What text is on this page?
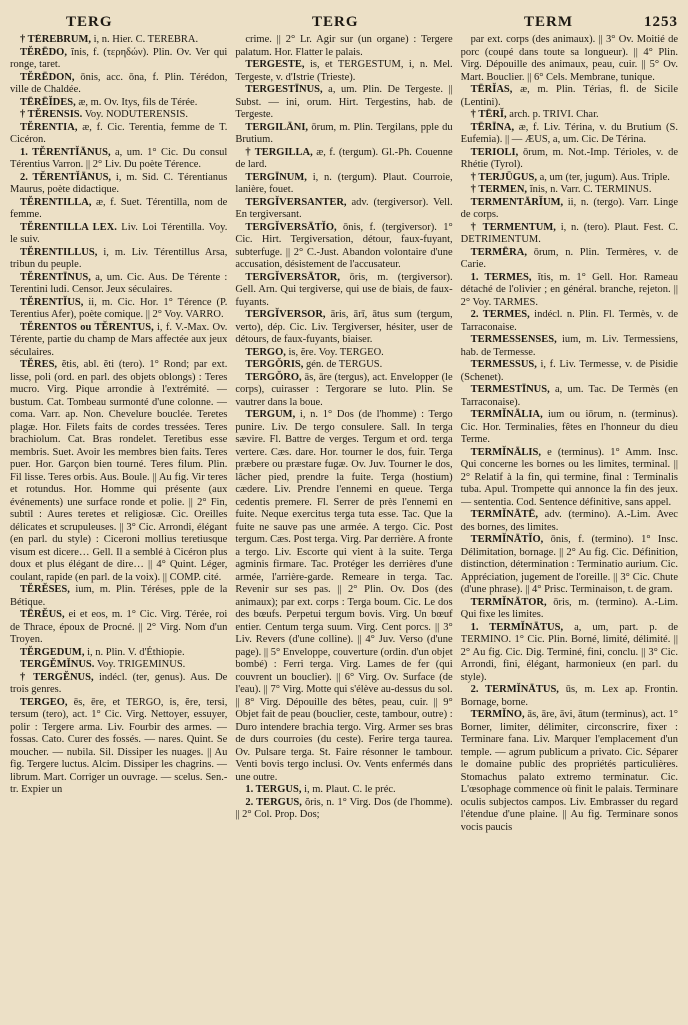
TERG	TERG	TERM	1253

† TĔREBRUM, i, n. Hier. C. TEREBRA.

TĔRĒDO, ĭnis, f. (τερηδών). Plin. Ov. Ver qui ronge, taret.

TĔRĒDON, ōnis, acc. ōna, f. Plin. Térédon, ville de Chaldée.

TĒRĒĬDES, æ, m. Ov. Itys, fils de Térée.

† TĔRENSIS. Voy. NODUTERENSIS.

TĔRENTIA, æ, f. Cic. Terentia, femme de T. Cicéron.

1. TĔRENTĬĀNUS, a, um. 1° Cic. Du consul Térentius Varron. || 2° Liv. Du poète Térence.

2. TĔRENTĬĀNUS, i, m. Sid. C. Térentianus Maurus, poète didactique.

TĔRENTILLA, æ, f. Suet. Térentilla, nom de femme.

TĔRENTILLA LEX. Liv. Loi Térentilla. Voy. le suiv.

TĔRENTILLUS, i, m. Liv. Térentillus Arsa, tribun du peuple.

TĔRENTĪNUS, a, um. Cic. Aus. De Térente : Terentini ludi. Censor. Jeux séculaires.

TĔRENTĬUS, ii, m. Cic. Hor. 1° Térence (P. Terentius Afer), poète comique. || 2° Voy. VARRO.

TĔRENTOS ou TĔRENTUS, i, f. V.-Max. Ov. Térente, partie du champ de Mars affectée aux jeux séculaires.

TĔRES, ĕtis, abl. ĕti (tero). 1° Rond; par ext. lisse, poli (ord. en parl. des objets oblongs) : Teres mucro. Virg. Pique arrondie à l'extrémité. — bustum. Cat. Tombeau surmonté d'une colonne. — coma. Varr. ap. Non. Chevelure bouclée. Teretes plagæ. Hor. Filets faits de cordes tressées. Teres brachiolum. Cat. Bras rondelet. Teretibus esse membris. Suet. Avoir les membres bien faits. Teres puer. Hor. Garçon bien tourné. Teres filum. Plin. Fil lisse. Teres orbis. Aus. Boule. || Au fig. Vir teres et rotundus. Hor. Homme qui présente (aux événements) une surface ronde et polie. || 2° Fin, subtil : Aures teretes et religiosæ. Cic. Oreilles délicates et scrupuleuses. || 3° Cic. Arrondi, élégant (en parl. du style) : Ciceroni mollius teretiusque visum est dicere… Gell. Il a semblé à Cicéron plus doux et plus élégant de dire… || 4° Quint. Léger, coulant, rapide (en parl. de la voix). || COMP. cité.

TĔRĔSES, ium, m. Plin. Téréses, pple de la Bétique.

TĒRĔUS, ei et eos, m. 1° Cic. Virg. Térée, roi de Thrace, époux de Procné. || 2° Virg. Nom d'un Troyen.

TĔRGEDUM, i, n. Plin. V. d'Éthiopie.

TERGĔMĬNUS. Voy. TRIGEMINUS.

† TERGĔNUS, indécl. (ter, genus). Aus. De trois genres.

TERGEO, ēs, ēre, et TERGO, is, ĕre, tersi, tersum (tero), act. 1° Cic. Virg. Nettoyer, essuyer, polir : Tergere arma. Liv. Fourbir des armes. — fossas. Cato. Curer des fossés. — nares. Quint. Se moucher. — nubila. Sil. Dissiper les nuages. || Au fig. Tergere luctus. Alcim. Dissiper les chagrins. — librum. Mart. Corriger un ouvrage. — scelus. Sen.-tr. Expier un

crime. || 2° Lr. Agir sur (un organe) : Tergere palatum. Hor. Flatter le palais.

TERGESTE, is, et TERGESTUM, i, n. Mel. Tergeste, v. d'Istrie (Trieste).

TERGESTĪNUS, a, um. Plin. De Tergeste. || Subst. — ini, orum. Hirt. Tergestins, hab. de Tergeste.

TERGILĀNI, ōrum, m. Plin. Tergilans, pple du Brutium.

† TERGILLA, æ, f. (tergum). Gl.-Ph. Couenne de lard.

TERGĪNUM, i, n. (tergum). Plaut. Courroie, lanière, fouet.

TERGĬVERSANTER, adv. (tergiversor). Vell. En tergiversant.

TERGĬVERSĀTĬO, ōnis, f. (tergiversor). 1° Cic. Hirt. Tergiversation, détour, faux-fuyant, subterfuge. || 2° C.-Just. Abandon volontaire d'une accusation, désistement de l'accusateur.

TERGĬVERSĀTOR, ōris, m. (tergiversor). Gell. Arn. Qui tergiverse, qui use de biais, de faux-fuyants.

TERGĬVERSOR, āris, ārī, ātus sum (tergum, verto), dép. Cic. Liv. Tergiverser, hésiter, user de détours, de faux-fuyants, biaiser.

TERGO, is, ĕre. Voy. TERGEO.

TERGŎRIS, gén. de TERGUS.

TERGŎRO, ās, āre (tergus), act. Envelopper (le corps), cuirasser : Tergorare se luto. Plin. Se vautrer dans la boue.

TERGUM, i, n. 1° Dos (de l'homme) : Tergo punire. Liv. De tergo consulere. Sall. In terga sævire. Fl. Battre de verges. Tergum et ord. terga vertere. Cæs. dare. Hor. tourner le dos, fuir. Terga præbere ou præstare fugæ. Ov. Juv. Tourner le dos, lâcher pied, prendre la fuite. Terga (hostium) cædere. Liv. Prendre l'ennemi en queue. Terga cedentis premere. Fl. Serrer de près l'ennemi en fuite. Neque exercitus terga tuta esse. Tac. Que la fuite ne sauve pas une armée. A tergo. Cic. Post tergum. Cæs. Post terga. Virg. Par derrière. A fronte a tergo. Liv. Escorte qui vient à la suite. Terga agminis firmare. Tac. Protéger les derrières d'une armée, l'arrière-garde. Remeare in terga. Tac. Revenir sur ses pas. || 2° Plin. Ov. Dos (des animaux); par ext. corps : Terga boum. Cic. Le dos des bœufs. Perpetui tergum bovis. Virg. Un bœuf entier. Centum terga suum. Virg. Cent porcs. || 3° Liv. Revers (d'une colline). || 4° Juv. Verso (d'une page). || 5° Enveloppe, couverture (ordin. d'un objet bombé) : Ferri terga. Virg. Lames de fer (qui couvrent un bouclier). || 6° Virg. Ov. Surface (de l'eau). || 7° Virg. Motte qui s'élève au-dessus du sol. || 8° Virg. Dépouille des bêtes, peau, cuir. || 9° Objet fait de peau (bouclier, ceste, tambour, outre) : Duro intendere brachia tergo. Virg. Armer ses bras de durs courroies (du ceste). Ferire terga taurea. Ov. Pulsare terga. St. Faire résonner le tambour. Venti bovis tergo inclusi. Ov. Vents enfermés dans une outre.

1. TERGUS, i, m. Plaut. C. le préc.

2. TERGUS, ŏris, n. 1° Virg. Dos (de l'homme). || 2° Col. Prop. Dos;

par ext. corps (des animaux). || 3° Ov. Moitié de porc (coupé dans toute sa longueur). || 4° Plin. Virg. Dépouille des animaux, peau, cuir. || 5° Ov. Mart. Bouclier. || 6° Cels. Membrane, tunique.

TĒRĬAS, æ, m. Plin. Térias, fl. de Sicile (Lentini).

† TĒRĬ, arch. p. TRIVI. Char.

TĒRĪNA, æ, f. Liv. Térina, v. du Brutium (S. Eufemia). || — ÆUS, a, um. Cic. De Térina.

TERIOLI, ōrum, m. Not.-Imp. Térioles, v. de Rhétie (Tyrol).

† TERJŪGUS, a, um (ter, jugum). Aus. Triple.

† TERMEN, ĭnis, n. Varr. C. TERMINUS.

TERMENTĀRĬUM, ii, n. (tergo). Varr. Linge de corps.

† TERMENTUM, i, n. (tero). Plaut. Fest. C. DETRIMENTUM.

TERMĒRA, ōrum, n. Plin. Termères, v. de Carie.

1. TERMES, ĭtis, m. 1° Gell. Hor. Rameau détaché de l'olivier ; en général. branche, rejeton. || 2° Voy. TARMES.

2. TERMES, indécl. n. Plin. Fl. Termès, v. de Tarraconaise.

TERMESSENSES, ium, m. Liv. Termessiens, hab. de Termesse.

TERMESSUS, i, f. Liv. Termesse, v. de Pisidie (Schenet).

TERMESTĪNUS, a, um. Tac. De Termès (en Tarraconaise).

TERMĬNĀLIA, ium ou iōrum, n. (terminus). Cic. Hor. Terminalies, fêtes en l'honneur du dieu Terme.

TERMĬNĀLIS, e (terminus). 1° Amm. Insc. Qui concerne les bornes ou les limites, terminal. || 2° Relatif à la fin, qui termine, final : Terminalis tuba. Apul. Trompette qui annonce la fin des jeux. — sententia. Cod. Sentence définitive, sans appel.

TERMĬNĀTĒ, adv. (termino). A.-Lim. Avec des bornes, des limites.

TERMĬNĀTĬO, ōnis, f. (termino). 1° Insc. Délimitation, bornage. || 2° Au fig. Cic. Définition, distinction, détermination : Terminatio aurium. Cic. Appréciation, jugement de l'oreille. || 3° Cic. Chute (d'une phrase). || 4° Prisc. Terminaison, t. de gram.

TERMĬNĀTOR, ōris, m. (termino). A.-Lim. Qui fixe les limites.

1. TERMĬNĀTUS, a, um, part. p. de TERMINO. 1° Cic. Plin. Borné, limité, délimité. || 2° Au fig. Cic. Dig. Terminé, fini, conclu. || 3° Cic. Arrondi, fini, élégant, harmonieux (en parl. du style).

2. TERMĬNĀTUS, ūs, m. Lex ap. Frontin. Bornage, borne.

TERMĬNO, ās, āre, āvi, ātum (terminus), act. 1° Borner, limiter, délimiter, circonscrire, fixer : Terminare fana. Liv. Marquer l'emplacement d'un temple. — agrum publicum a privato. Cic. Séparer le domaine public des propriétés particulières. Stomachus palato extremo terminatur. Cic. L'œsophage commence où finit le palais. Terminare oculis subjectos campos. Liv. Embrasser du regard l'étendue d'une plaine. || Au fig. Terminare sonos vocis paucis
